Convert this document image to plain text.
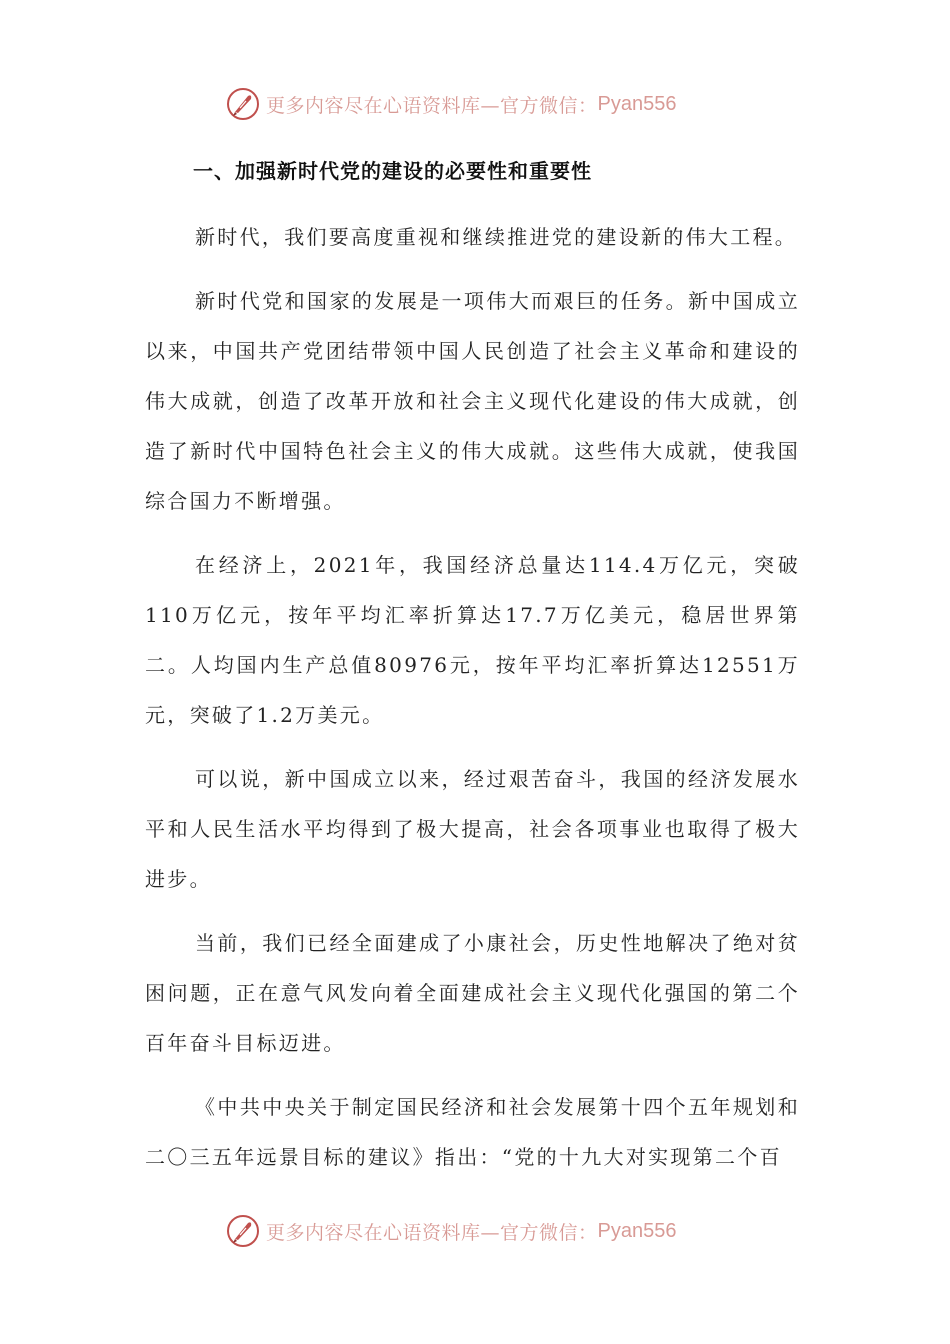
更多内容尽在心语资料库—官方微信： Pyan556
一、加强新时代党的建设的必要性和重要性

新时代，我们要高度重视和继续推进党的建设新的伟大工程。

新时代党和国家的发展是一项伟大而艰巨的任务。新中国成立以来，中国共产党团结带领中国人民创造了社会主义革命和建设的伟大成就，创造了改革开放和社会主义现代化建设的伟大成就，创造了新时代中国特色社会主义的伟大成就。这些伟大成就，使我国综合国力不断增强。

在经济上，2021年，我国经济总量达114.4万亿元，突破110万亿元，按年平均汇率折算达17.7万亿美元，稳居世界第二。人均国内生产总值80976元，按年平均汇率折算达12551万元，突破了1.2万美元。

可以说，新中国成立以来，经过艰苦奋斗，我国的经济发展水平和人民生活水平均得到了极大提高，社会各项事业也取得了极大进步。

当前，我们已经全面建成了小康社会，历史性地解决了绝对贫困问题，正在意气风发向着全面建成社会主义现代化强国的第二个百年奋斗目标迈进。

《中共中央关于制定国民经济和社会发展第十四个五年规划和二〇三五年远景目标的建议》指出：“党的十九大对实现第二个百

更多内容尽在心语资料库—官方微信： Pyan556
